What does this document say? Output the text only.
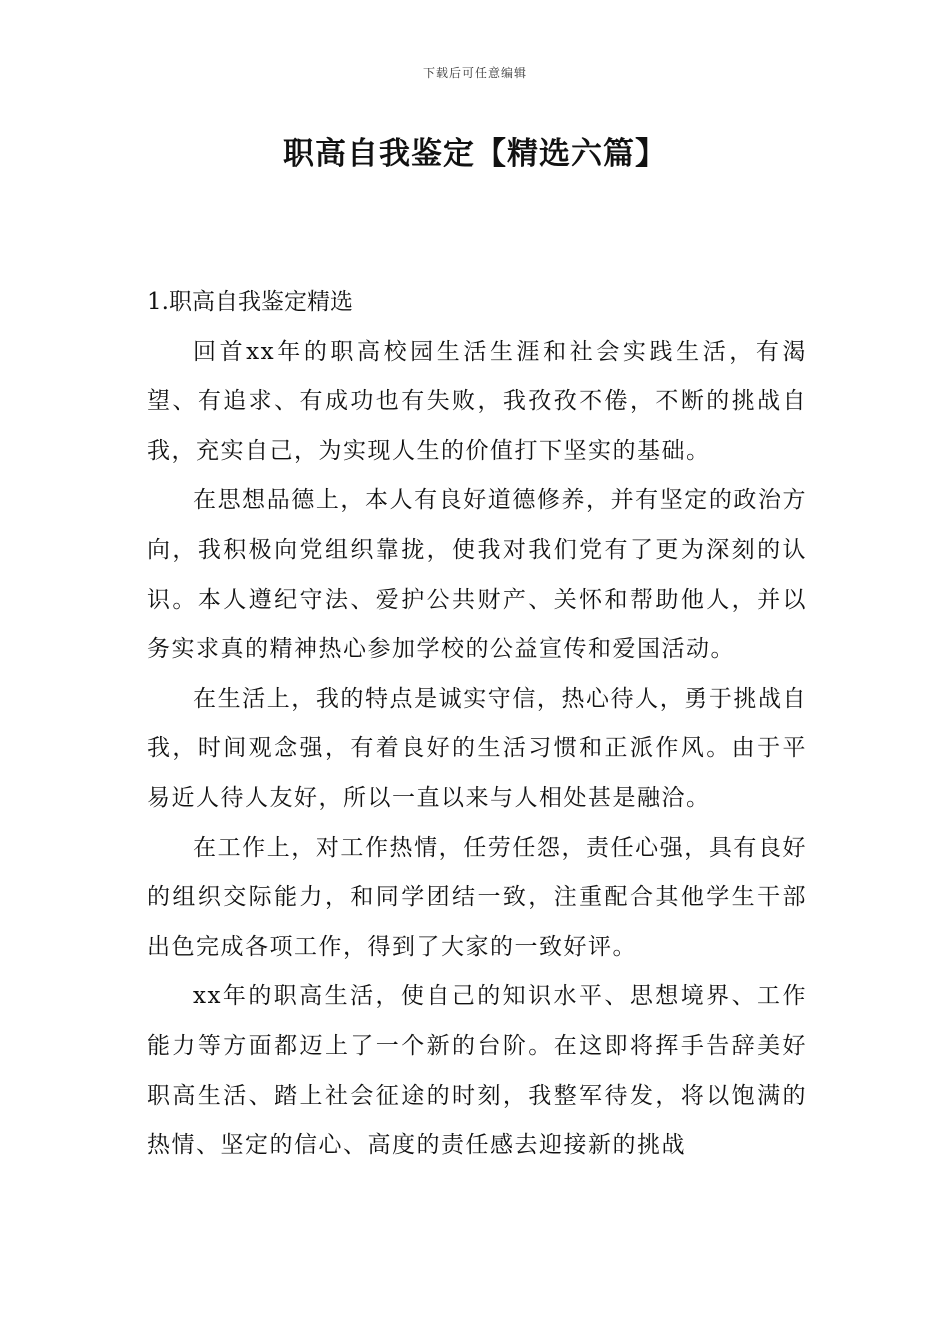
下载后可任意编辑
职高自我鉴定【精选六篇】

1.职高自我鉴定精选

回首xx年的职高校园生活生涯和社会实践生活，有渴望、有追求、有成功也有失败，我孜孜不倦，不断的挑战自我，充实自己，为实现人生的价值打下坚实的基础。

在思想品德上，本人有良好道德修养，并有坚定的政治方向，我积极向党组织靠拢，使我对我们党有了更为深刻的认识。本人遵纪守法、爱护公共财产、关怀和帮助他人，并以务实求真的精神热心参加学校的公益宣传和爱国活动。

在生活上，我的特点是诚实守信，热心待人，勇于挑战自我，时间观念强，有着良好的生活习惯和正派作风。由于平易近人待人友好，所以一直以来与人相处甚是融洽。

在工作上，对工作热情，任劳任怨，责任心强，具有良好的组织交际能力，和同学团结一致，注重配合其他学生干部出色完成各项工作，得到了大家的一致好评。

xx年的职高生活，使自己的知识水平、思想境界、工作能力等方面都迈上了一个新的台阶。在这即将挥手告辞美好职高生活、踏上社会征途的时刻，我整军待发，将以饱满的热情、坚定的信心、高度的责任感去迎接新的挑战
